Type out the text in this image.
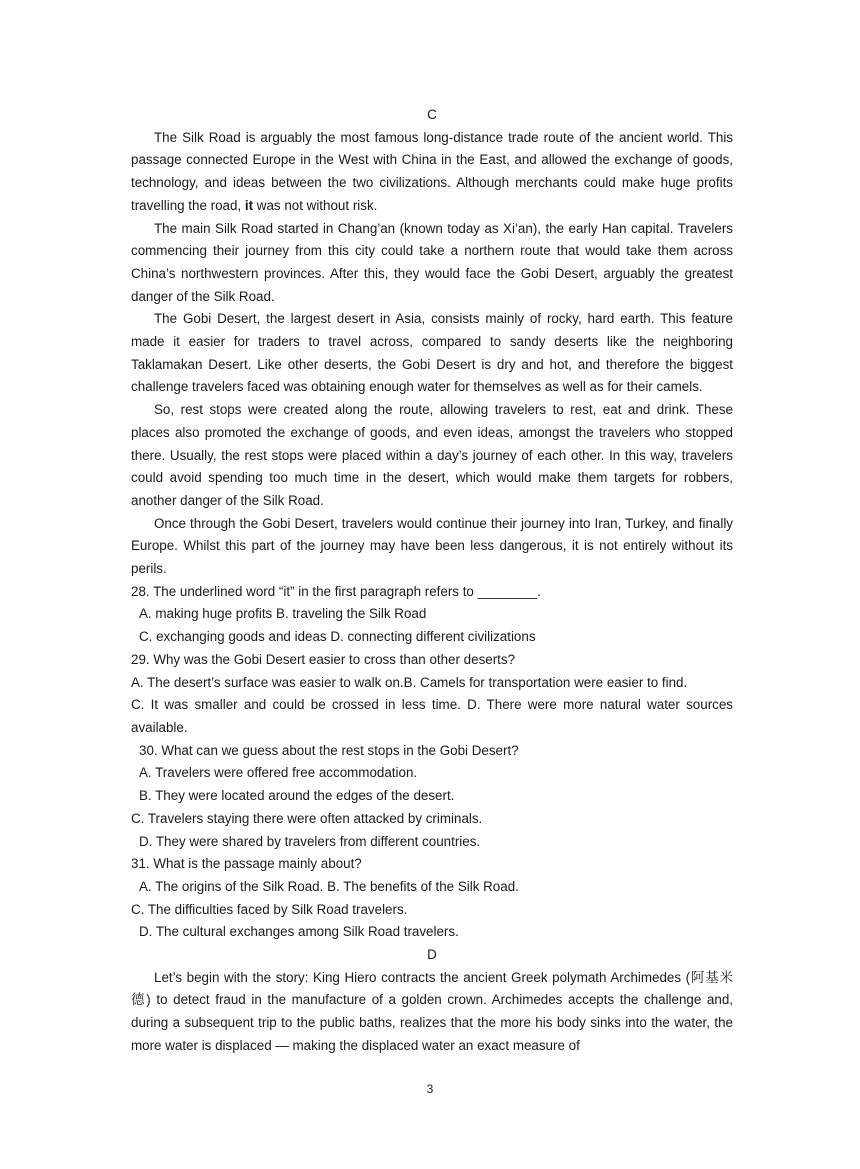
C

The Silk Road is arguably the most famous long-distance trade route of the ancient world. This passage connected Europe in the West with China in the East, and allowed the exchange of goods, technology, and ideas between the two civilizations. Although merchants could make huge profits travelling the road, it was not without risk.

The main Silk Road started in Chang’an (known today as Xi’an), the early Han capital. Travelers commencing their journey from this city could take a northern route that would take them across China’s northwestern provinces. After this, they would face the Gobi Desert, arguably the greatest danger of the Silk Road.

The Gobi Desert, the largest desert in Asia, consists mainly of rocky, hard earth. This feature made it easier for traders to travel across, compared to sandy deserts like the neighboring Taklamakan Desert. Like other deserts, the Gobi Desert is dry and hot, and therefore the biggest challenge travelers faced was obtaining enough water for themselves as well as for their camels.

So, rest stops were created along the route, allowing travelers to rest, eat and drink. These places also promoted the exchange of goods, and even ideas, amongst the travelers who stopped there. Usually, the rest stops were placed within a day’s journey of each other. In this way, travelers could avoid spending too much time in the desert, which would make them targets for robbers, another danger of the Silk Road.

Once through the Gobi Desert, travelers would continue their journey into Iran, Turkey, and finally Europe. Whilst this part of the journey may have been less dangerous, it is not entirely without its perils.

28. The underlined word “it” in the first paragraph refers to ________.

A. making huge profits B. traveling the Silk Road

C. exchanging goods and ideas D. connecting different civilizations

29. Why was the Gobi Desert easier to cross than other deserts?

A. The desert’s surface was easier to walk on.B. Camels for transportation were easier to find.

C. It was smaller and could be crossed in less time. D. There were more natural water sources available.

30. What can we guess about the rest stops in the Gobi Desert?

A. Travelers were offered free accommodation.

B. They were located around the edges of the desert.

C. Travelers staying there were often attacked by criminals.

D. They were shared by travelers from different countries.

31. What is the passage mainly about?

A. The origins of the Silk Road. B. The benefits of the Silk Road.

C. The difficulties faced by Silk Road travelers.

D. The cultural exchanges among Silk Road travelers.

D

Let’s begin with the story: King Hiero contracts the ancient Greek polymath Archimedes (阿基米德) to detect fraud in the manufacture of a golden crown. Archimedes accepts the challenge and, during a subsequent trip to the public baths, realizes that the more his body sinks into the water, the more water is displaced — making the displaced water an exact measure of

3
